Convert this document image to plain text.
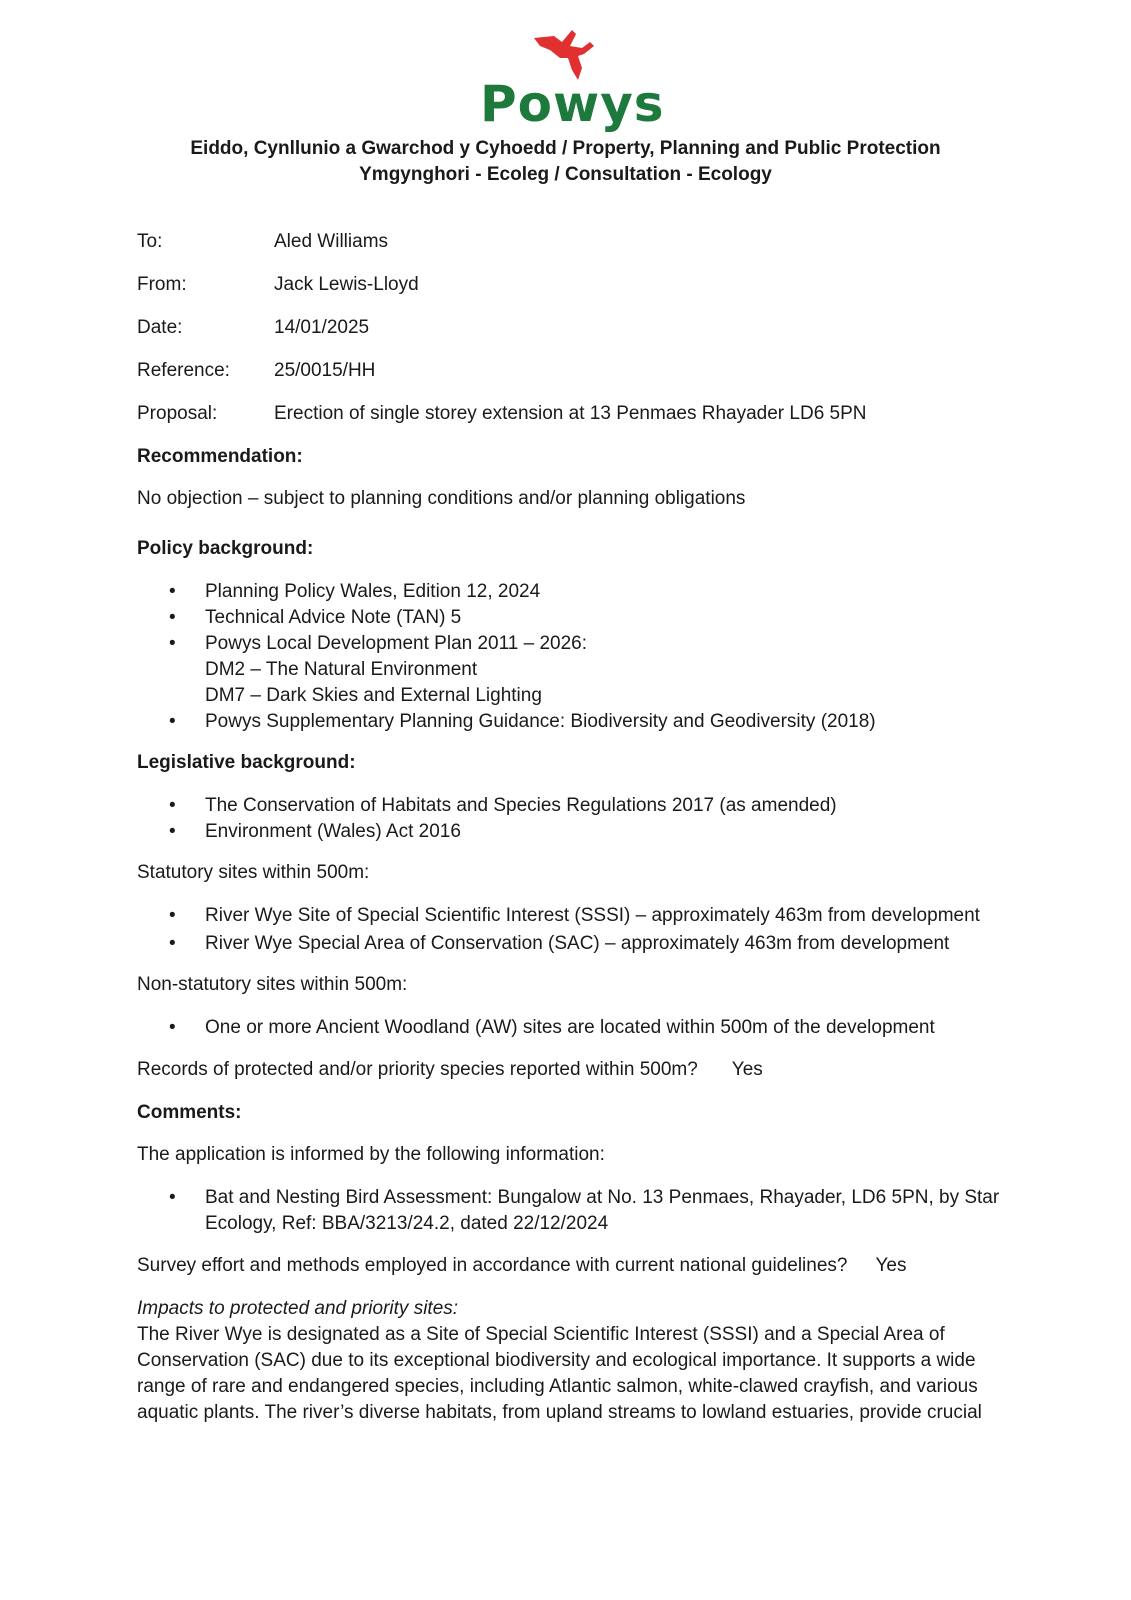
Powys
Eiddo, Cynllunio a Gwarchod y Cyhoedd / Property, Planning and Public Protection
Ymgynghori - Ecoleg / Consultation - Ecology
To:	Aled Williams
From:	Jack Lewis-Lloyd
Date:	14/01/2025
Reference: 25/0015/HH
Proposal:	Erection of single storey extension at 13 Penmaes Rhayader LD6 5PN
Recommendation:
No objection – subject to planning conditions and/or planning obligations
Policy background:
• Planning Policy Wales, Edition 12, 2024
• Technical Advice Note (TAN) 5
• Powys Local Development Plan 2011 – 2026:
DM2 – The Natural Environment
DM7 – Dark Skies and External Lighting
• Powys Supplementary Planning Guidance: Biodiversity and Geodiversity (2018)
Legislative background:
• The Conservation of Habitats and Species Regulations 2017 (as amended)
• Environment (Wales) Act 2016
Statutory sites within 500m:
• River Wye Site of Special Scientific Interest (SSSI) – approximately 463m from development
• River Wye Special Area of Conservation (SAC) – approximately 463m from development
Non-statutory sites within 500m:
• One or more Ancient Woodland (AW) sites are located within 500m of the development
Records of protected and/or priority species reported within 500m? Yes
Comments:
The application is informed by the following information:
• Bat and Nesting Bird Assessment: Bungalow at No. 13 Penmaes, Rhayader, LD6 5PN, by Star Ecology, Ref: BBA/3213/24.2, dated 22/12/2024
Survey effort and methods employed in accordance with current national guidelines? Yes
Impacts to protected and priority sites:
The River Wye is designated as a Site of Special Scientific Interest (SSSI) and a Special Area of Conservation (SAC) due to its exceptional biodiversity and ecological importance. It supports a wide range of rare and endangered species, including Atlantic salmon, white-clawed crayfish, and various aquatic plants. The river’s diverse habitats, from upland streams to lowland estuaries, provide crucial
